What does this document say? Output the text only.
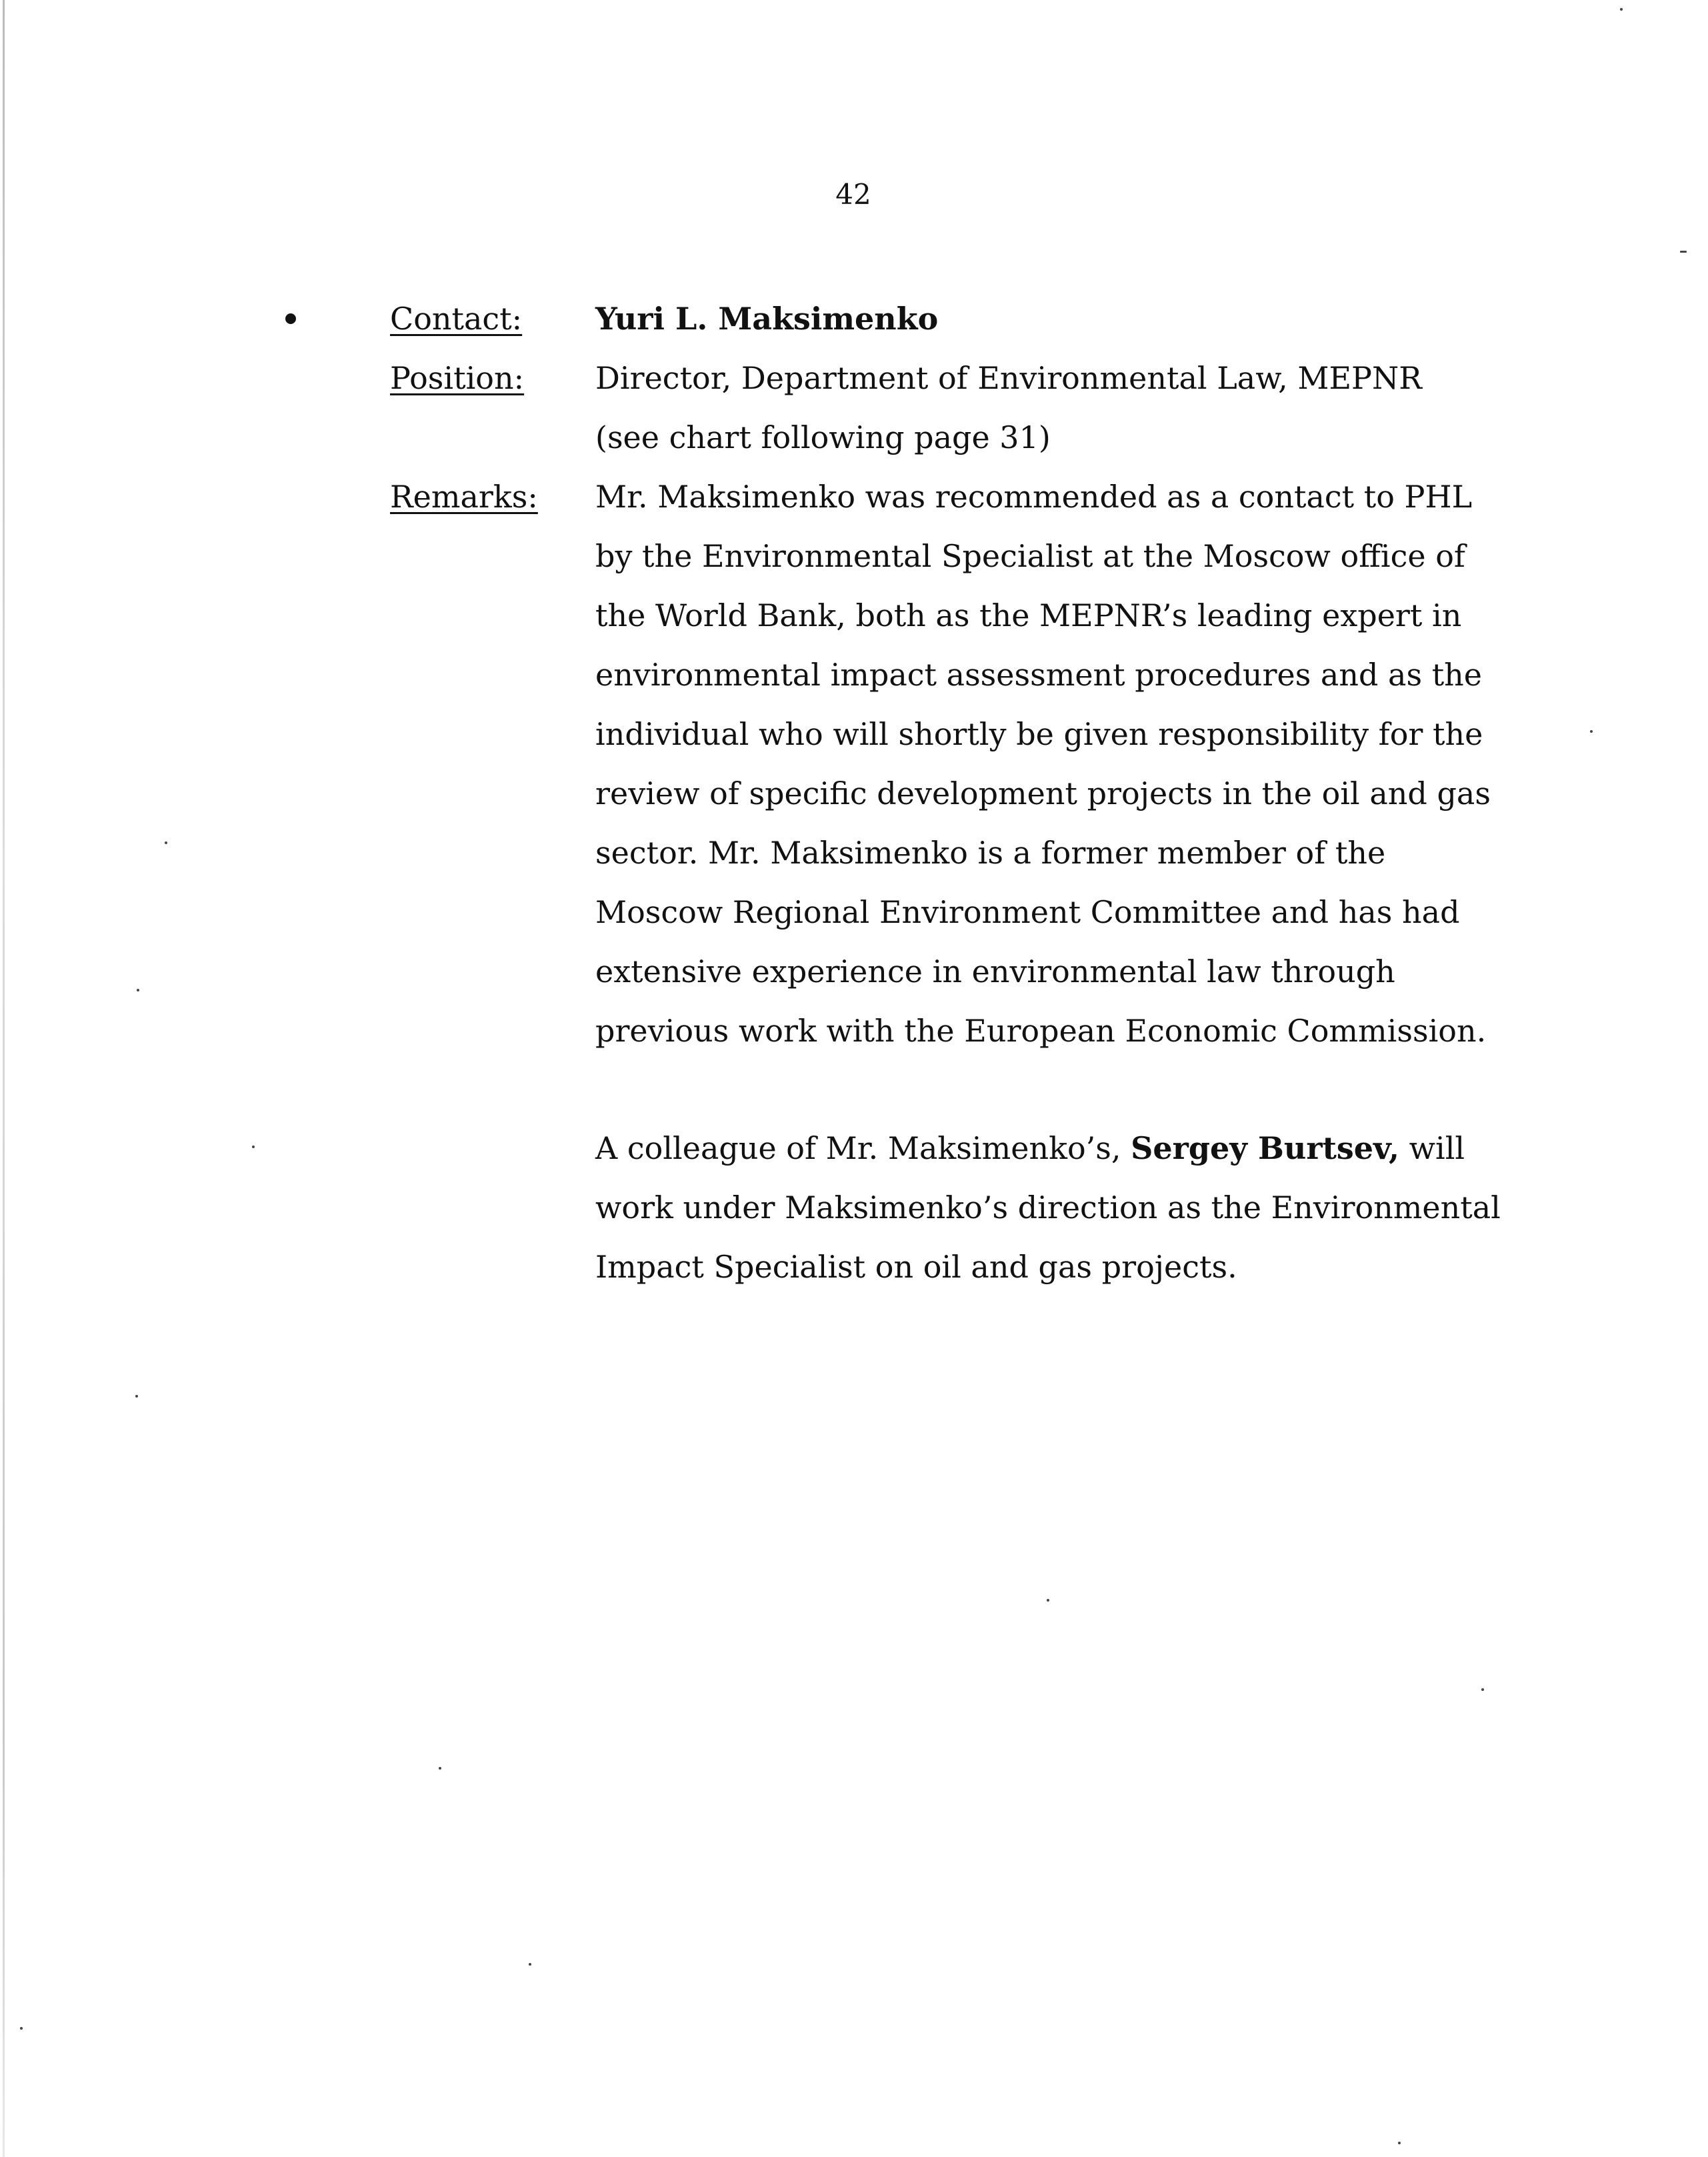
42
Contact: Yuri L. Maksimenko
Position: Director, Department of Environmental Law, MEPNR
(see chart following page 31)
Remarks: Mr. Maksimenko was recommended as a contact to PHL
by the Environmental Specialist at the Moscow office of
the World Bank, both as the MEPNR’s leading expert in
environmental impact assessment procedures and as the
individual who will shortly be given responsibility for the
review of specific development projects in the oil and gas
sector. Mr. Maksimenko is a former member of the
Moscow Regional Environment Committee and has had
extensive experience in environmental law through
previous work with the European Economic Commission.
A colleague of Mr. Maksimenko’s, Sergey Burtsev, will
work under Maksimenko’s direction as the Environmental
Impact Specialist on oil and gas projects.
